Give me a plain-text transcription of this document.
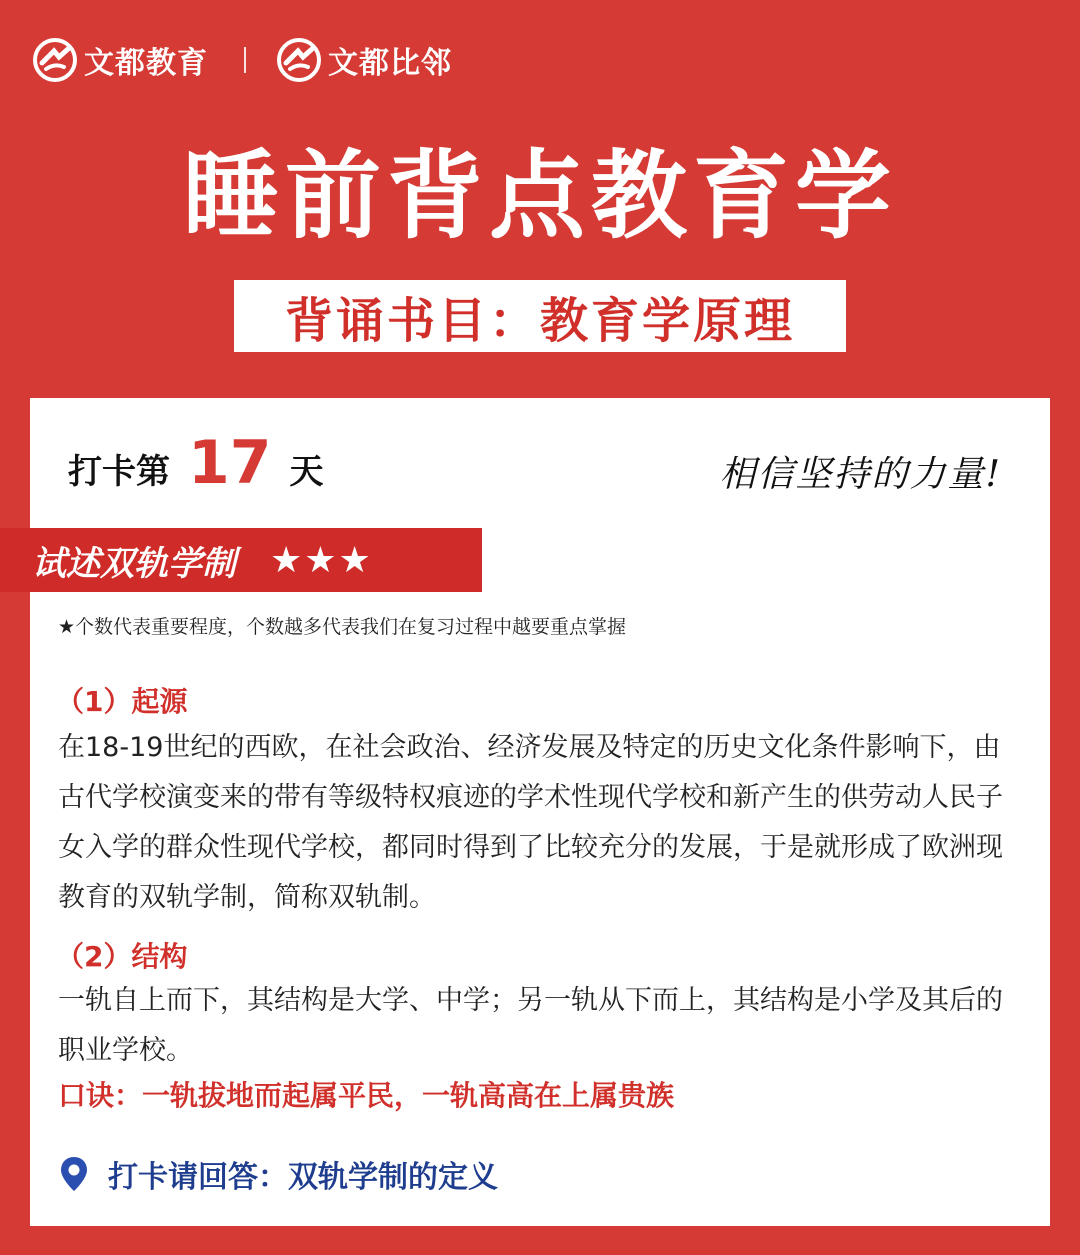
文都教育	文都比邻
睡前背点教育学
背诵书目：教育学原理
打卡第 17 天	相信坚持的力量!
试述双轨学制 ★★★
★个数代表重要程度，个数越多代表我们在复习过程中越要重点掌握
（1）起源
在18-19世纪的西欧，在社会政治、经济发展及特定的历史文化条件影响下，由古代学校演变来的带有等级特权痕迹的学术性现代学校和新产生的供劳动人民子女入学的群众性现代学校，都同时得到了比较充分的发展，于是就形成了欧洲现教育的双轨学制，简称双轨制。
（2）结构
一轨自上而下，其结构是大学、中学；另一轨从下而上，其结构是小学及其后的职业学校。
口诀：一轨拔地而起属平民，一轨高高在上属贵族
打卡请回答：双轨学制的定义
